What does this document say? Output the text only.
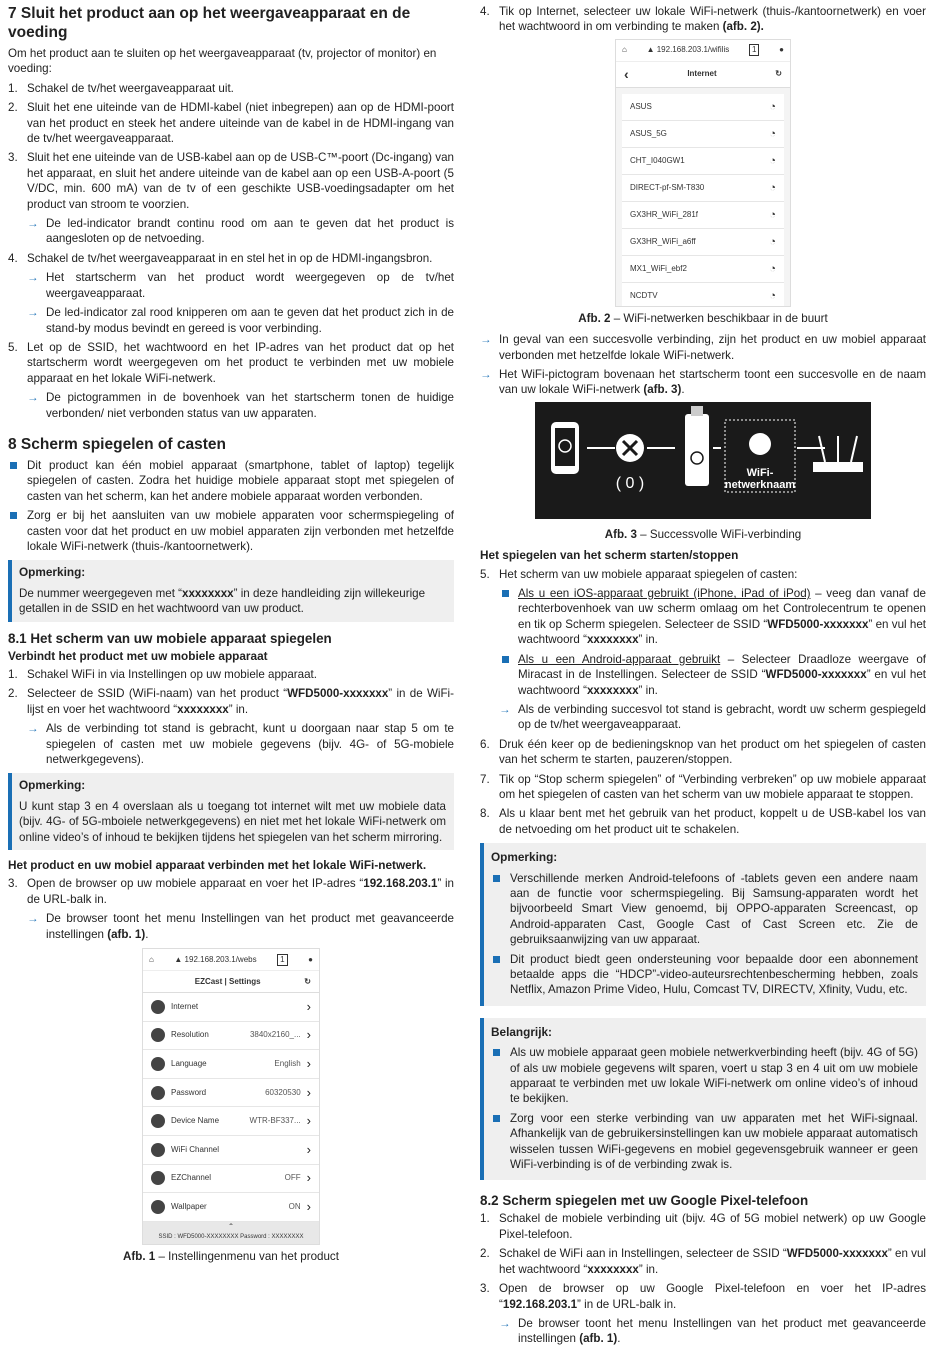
7 Sluit het product aan op het weergaveapparaat en de voeding

Om het product aan te sluiten op het weergaveapparaat (tv, projector of monitor) en voeding:

1. Schakel de tv/het weergaveapparaat uit.
2. Sluit het ene uiteinde van de HDMI-kabel (niet inbegrepen) aan op de HDMI-poort van het product en steek het andere uiteinde van de kabel in de HDMI-ingang van de tv/het weergaveapparaat.
3. Sluit het ene uiteinde van de USB-kabel aan op de USB-C™-poort (Dc-ingang) van het apparaat, en sluit het andere uiteinde van de kabel aan op een USB-A-poort (5 V/DC, min. 600 mA) van de tv of een geschikte USB-voedingsadapter om het product van stroom te voorzien.
→ De led-indicator brandt continu rood om aan te geven dat het product is aangesloten op de netvoeding.
4. Schakel de tv/het weergaveapparaat in en stel het in op de HDMI-ingangsbron.
→ Het startscherm van het product wordt weergegeven op de tv/het weergaveapparaat.
→ De led-indicator zal rood knipperen om aan te geven dat het product zich in de stand-by modus bevindt en gereed is voor verbinding.
5. Let op de SSID, het wachtwoord en het IP-adres van het product dat op het startscherm wordt weergegeven om het product te verbinden met uw mobiele apparaat en het lokale WiFi-netwerk.
→ De pictogrammen in de bovenhoek van het startscherm tonen de huidige verbonden/ niet verbonden status van uw apparaten.
8 Scherm spiegelen of casten
Dit product kan één mobiel apparaat (smartphone, tablet of laptop) tegelijk spiegelen of casten. Zodra het huidige mobiele apparaat stopt met spiegelen of casten van het scherm, kan het andere mobiele apparaat worden verbonden.
Zorg er bij het aansluiten van uw mobiele apparaten voor schermspiegeling of casten voor dat het product en uw mobiel apparaten zijn verbonden met hetzelfde lokale WiFi-netwerk (thuis-/kantoornetwerk).
Opmerking:

De nummer weergegeven met “xxxxxxxx” in deze handleiding zijn willekeurige getallen in de SSID en het wachtwoord van uw product.

8.1 Het scherm van uw mobiele apparaat spiegelen
Verbindt het product met uw mobiele apparaat
1. Schakel WiFi in via Instellingen op uw mobiele apparaat.
2. Selecteer de SSID (WiFi-naam) van het product “WFD5000-xxxxxxx” in de WiFi-lijst en voer het wachtwoord “xxxxxxxx” in.
→ Als de verbinding tot stand is gebracht, kunt u doorgaan naar stap 5 om te spiegelen of casten met uw mobiele gegevens (bijv. 4G- of 5G-mobiele netwerkgegevens).
Opmerking:

U kunt stap 3 en 4 overslaan als u toegang tot internet wilt met uw mobiele data (bijv. 4G- of 5G-mboiele netwerkgegevens) en niet met het lokale WiFi-netwerk om online video’s of inhoud te bekijken tijdens het spiegelen van het scherm mirroring.

Het product en uw mobiel apparaat verbinden met het lokale WiFi-netwerk.
3. Open de browser op uw mobiele apparaat en voer het IP-adres “192.168.203.1” in de URL-balk in.
→ De browser toont het menu Instellingen van het product met geavanceerde instellingen (afb. 1).
⌂	▲ 192.168.203.1/webs	1	●
EZCast | Settings	↻
Internet	›
Resolution	3840x2160_... ›
Language	English ›
Password	60320530 ›
Device Name	WTR-BF337... ›
WiFi Channel	›
EZChannel	OFF ›
Wallpaper	ON ›
ˆ
SSID : WFD5000-XXXXXXXX Password : XXXXXXXX
Afb. 1 – Instellingenmenu van het product
4. Tik op Internet, selecteer uw lokale WiFi-netwerk (thuis-/kantoornetwerk) en voer het wachtwoord in om verbinding te maken (afb. 2).
⌂ ▲ 192.168.203.1/wifilis	1	●
‹	Internet	↻
ASUS	◔
ASUS_5G	◔
CHT_I040GW1	◔
DIRECT-pf-SM-T830	◔
GX3HR_WiFi_281f	◔
GX3HR_WiFi_a6ff	◔
MX1_WiFi_ebf2	◔
NCDTV	◔
Afb. 2 – WiFi-netwerken beschikbaar in de buurt
→ In geval van een succesvolle verbinding, zijn het product en uw mobiel apparaat verbonden met hetzelfde lokale WiFi-netwerk.
→ Het WiFi-pictogram bovenaan het startscherm toont een succesvolle en de naam van uw lokale WiFi-netwerk (afb. 3).
( 0 )
WiFi-
netwerknaam
Afb. 3 – Successvolle WiFi-verbinding
Het spiegelen van het scherm starten/stoppen
5. Het scherm van uw mobiele apparaat spiegelen of casten:
Als u een iOS-apparaat gebruikt (iPhone, iPad of iPod) – veeg dan vanaf de rechterbovenhoek van uw scherm omlaag om het Controlecentrum te openen en tik op Scherm spiegelen. Selecteer de SSID “WFD5000-xxxxxxx” en vul het wachtwoord “xxxxxxxx” in.
Als u een Android-apparaat gebruikt – Selecteer Draadloze weergave of Miracast in de Instellingen. Selecteer de SSID “WFD5000-xxxxxxx” en vul het wachtwoord “xxxxxxxx” in.
→ Als de verbinding succesvol tot stand is gebracht, wordt uw scherm gespiegeld op de tv/het weergaveapparaat.
6. Druk één keer op de bedieningsknop van het product om het spiegelen of casten van het scherm te starten, pauzeren/stoppen.
7. Tik op “Stop scherm spiegelen” of “Verbinding verbreken” op uw mobiele apparaat om het spiegelen of casten van het scherm van uw mobiele apparaat te stoppen.
8. Als u klaar bent met het gebruik van het product, koppelt u de USB-kabel los van de netvoeding om het product uit te schakelen.
Opmerking:
Verschillende merken Android-telefoons of -tablets geven een andere naam aan de functie voor schermspiegeling. Bij Samsung-apparaten wordt het bijvoorbeeld Smart View genoemd, bij OPPO-apparaten Screencast, op Android-apparaten Cast, Google Cast of Cast Screen etc. Zie de gebruiksaanwijzing van uw apparaat.
Dit product biedt geen ondersteuning voor bepaalde door een abonnement betaalde apps die “HDCP”-video-auteursrechtenbescherming hebben, zoals Netflix, Amazon Prime Video, Hulu, Comcast TV, DIRECTV, Xfinity, Vudu, etc.
Belangrijk:
Als uw mobiele apparaat geen mobiele netwerkverbinding heeft (bijv. 4G of 5G) of als uw mobiele gegevens wilt sparen, voert u stap 3 en 4 uit om uw mobiele apparaat te verbinden met uw lokale WiFi-netwerk om online video’s of inhoud te bekijken.
Zorg voor een sterke verbinding van uw apparaten met het WiFi-signaal. Afhankelijk van de gebruikersinstellingen kan uw mobiele apparaat automatisch wisselen tussen WiFi-gegevens en mobiel gegevensgebruik wanneer er geen WiFi-verbinding is of de verbinding zwak is.
8.2 Scherm spiegelen met uw Google Pixel-telefoon
1. Schakel de mobiele verbinding uit (bijv. 4G of 5G mobiel netwerk) op uw Google Pixel-telefoon.
2. Schakel de WiFi aan in Instellingen, selecteer de SSID “WFD5000-xxxxxxx” en vul het wachtwoord “xxxxxxxx” in.
3. Open de browser op uw Google Pixel-telefoon en voer het IP-adres “192.168.203.1” in de URL-balk in.
→ De browser toont het menu Instellingen van het product met geavanceerde instellingen (afb. 1).
